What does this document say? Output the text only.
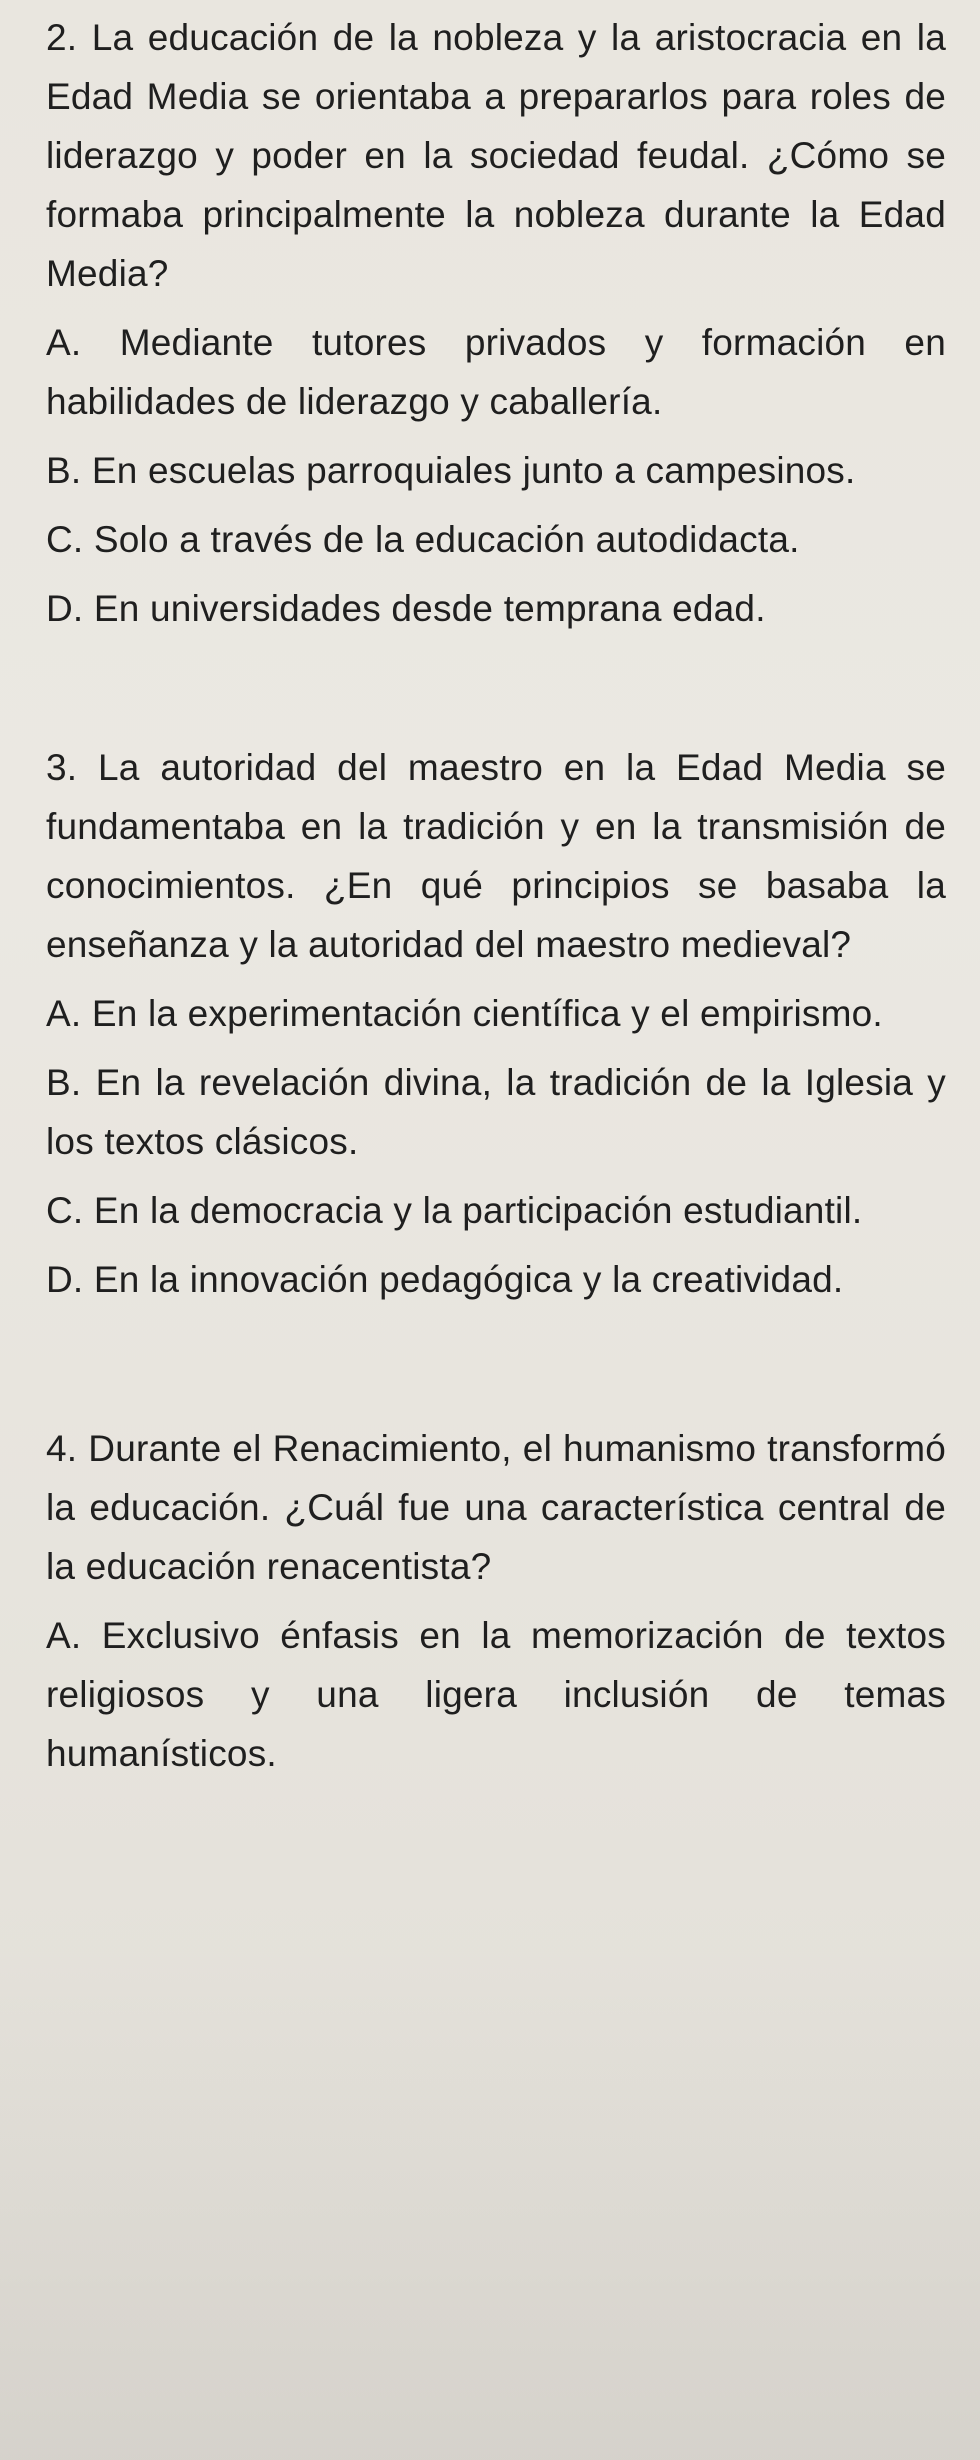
2. La educación de la nobleza y la aristocracia en la Edad Media se orientaba a prepararlos para roles de liderazgo y poder en la sociedad feudal. ¿Cómo se formaba principalmente la nobleza durante la Edad Media?

A. Mediante tutores privados y formación en habilidades de liderazgo y caballería.

B. En escuelas parroquiales junto a campesinos.

C. Solo a través de la educación autodidacta.

D. En universidades desde temprana edad.

3. La autoridad del maestro en la Edad Media se fundamentaba en la tradición y en la transmisión de conocimientos. ¿En qué principios se basaba la enseñanza y la autoridad del maestro medieval?

A. En la experimentación científica y el empirismo.

B. En la revelación divina, la tradición de la Iglesia y los textos clásicos.

C. En la democracia y la participación estudiantil.

D. En la innovación pedagógica y la creatividad.

4. Durante el Renacimiento, el humanismo transformó la educación. ¿Cuál fue una característica central de la educación renacentista?

A. Exclusivo énfasis en la memorización de textos religiosos y una ligera inclusión de temas humanísticos.
